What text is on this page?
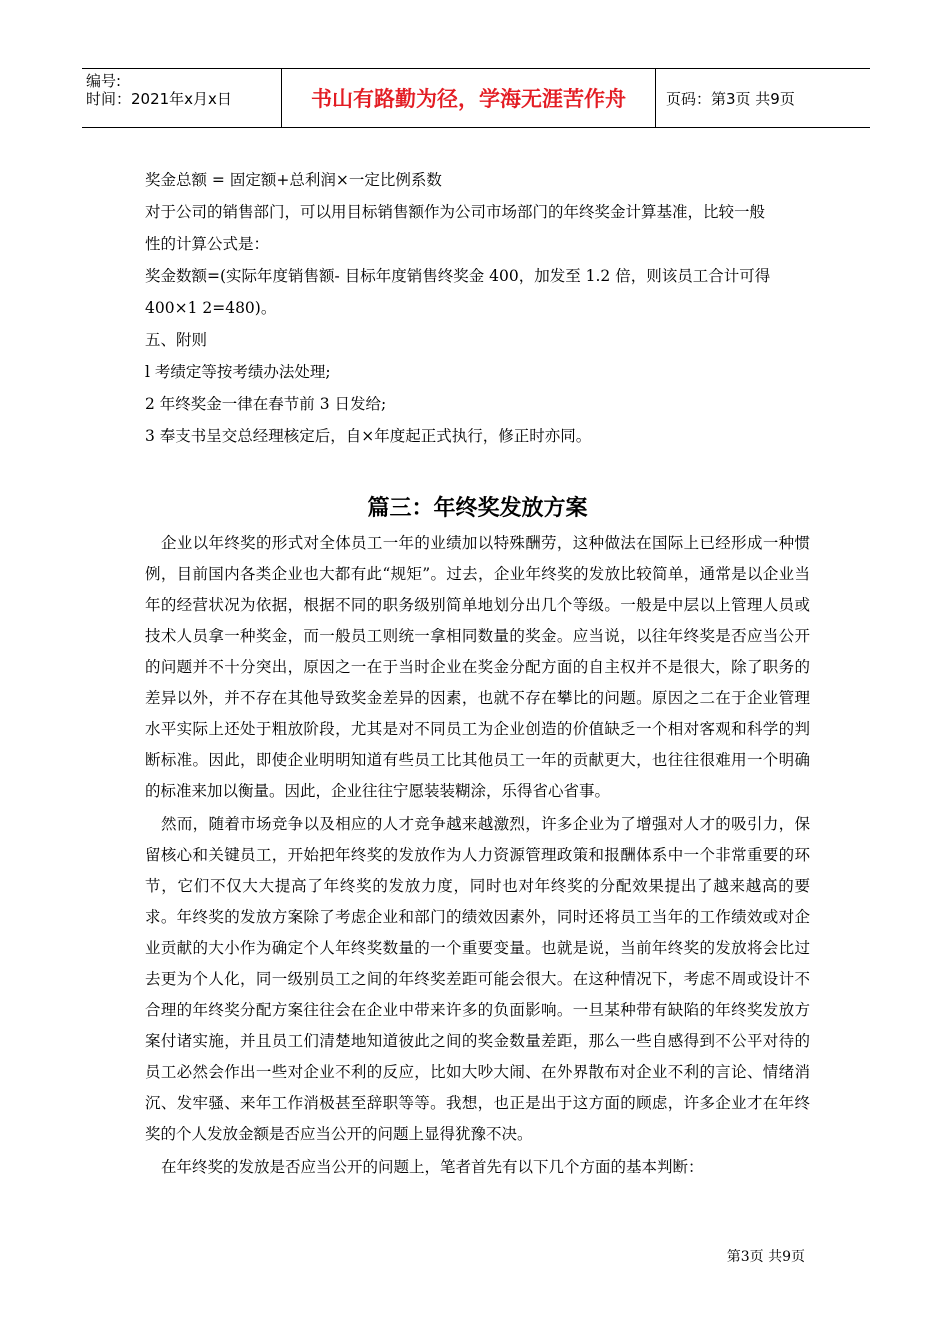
编号:
时间：2021年x月x日	书山有路勤为径，学海无涯苦作舟	页码：第3页 共9页
奖金总额 = 固定额+总利润×一定比例系数
对于公司的销售部门，可以用目标销售额作为公司市场部门的年终奖金计算基准，比较一般
性的计算公式是：
奖金数额=(实际年度销售额- 目标年度销售终奖金 400，加发至 1.2 倍，则该员工合计可得
400×1 2=480)。
五、附则
l 考绩定等按考绩办法处理;
2 年终奖金一律在春节前 3 日发给;
3 奉支书呈交总经理核定后，自×年度起正式执行，修正时亦同。
篇三：年终奖发放方案

企业以年终奖的形式对全体员工一年的业绩加以特殊酬劳，这种做法在国际上已经形成一种惯例，目前国内各类企业也大都有此“规矩”。过去，企业年终奖的发放比较简单，通常是以企业当年的经营状况为依据，根据不同的职务级别简单地划分出几个等级。一般是中层以上管理人员或技术人员拿一种奖金，而一般员工则统一拿相同数量的奖金。应当说，以往年终奖是否应当公开的问题并不十分突出，原因之一在于当时企业在奖金分配方面的自主权并不是很大，除了职务的差异以外，并不存在其他导致奖金差异的因素，也就不存在攀比的问题。原因之二在于企业管理水平实际上还处于粗放阶段，尤其是对不同员工为企业创造的价值缺乏一个相对客观和科学的判断标准。因此，即使企业明明知道有些员工比其他员工一年的贡献更大，也往往很难用一个明确的标准来加以衡量。因此，企业往往宁愿装装糊涂，乐得省心省事。

然而，随着市场竞争以及相应的人才竞争越来越激烈，许多企业为了增强对人才的吸引力，保留核心和关键员工，开始把年终奖的发放作为人力资源管理政策和报酬体系中一个非常重要的环节，它们不仅大大提高了年终奖的发放力度，同时也对年终奖的分配效果提出了越来越高的要求。年终奖的发放方案除了考虑企业和部门的绩效因素外，同时还将员工当年的工作绩效或对企业贡献的大小作为确定个人年终奖数量的一个重要变量。也就是说，当前年终奖的发放将会比过去更为个人化，同一级别员工之间的年终奖差距可能会很大。在这种情况下，考虑不周或设计不合理的年终奖分配方案往往会在企业中带来许多的负面影响。一旦某种带有缺陷的年终奖发放方案付诸实施，并且员工们清楚地知道彼此之间的奖金数量差距，那么一些自感得到不公平对待的员工必然会作出一些对企业不利的反应，比如大吵大闹、在外界散布对企业不利的言论、情绪消沉、发牢骚、来年工作消极甚至辞职等等。我想，也正是出于这方面的顾虑，许多企业才在年终奖的个人发放金额是否应当公开的问题上显得犹豫不决。

在年终奖的发放是否应当公开的问题上，笔者首先有以下几个方面的基本判断：

第3页 共9页
